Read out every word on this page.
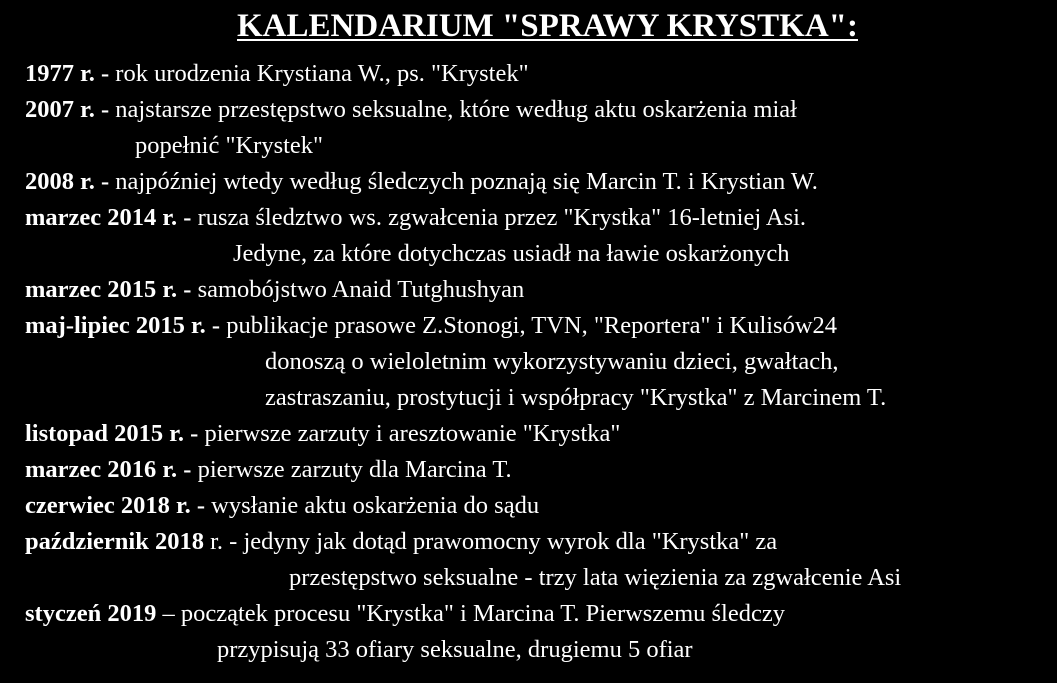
KALENDARIUM "SPRAWY KRYSTKA":
1977 r. - rok urodzenia Krystiana W., ps. "Krystek"
2007 r. - najstarsze przestępstwo seksualne, które według aktu oskarżenia miał
popełnić "Krystek"
2008 r. - najpóźniej wtedy według śledczych poznają się Marcin T. i Krystian W.
marzec 2014 r. - rusza śledztwo ws. zgwałcenia przez "Krystka" 16-letniej Asi.
Jedyne, za które dotychczas usiadł na ławie oskarżonych
marzec 2015 r. - samobójstwo Anaid Tutghushyan
maj-lipiec 2015 r. - publikacje prasowe Z.Stonogi, TVN, "Reportera" i Kulisów24
donoszą o wieloletnim wykorzystywaniu dzieci, gwałtach,
zastraszaniu, prostytucji i współpracy "Krystka" z Marcinem T.
listopad 2015 r. - pierwsze zarzuty i aresztowanie "Krystka"
marzec 2016 r. - pierwsze zarzuty dla Marcina T.
czerwiec 2018 r. - wysłanie aktu oskarżenia do sądu
październik 2018 r. - jedyny jak dotąd prawomocny wyrok dla "Krystka" za
przestępstwo seksualne - trzy lata więzienia za zgwałcenie Asi
styczeń 2019 – początek procesu "Krystka" i Marcina T. Pierwszemu śledczy
przypisują 33 ofiary seksualne, drugiemu 5 ofiar
